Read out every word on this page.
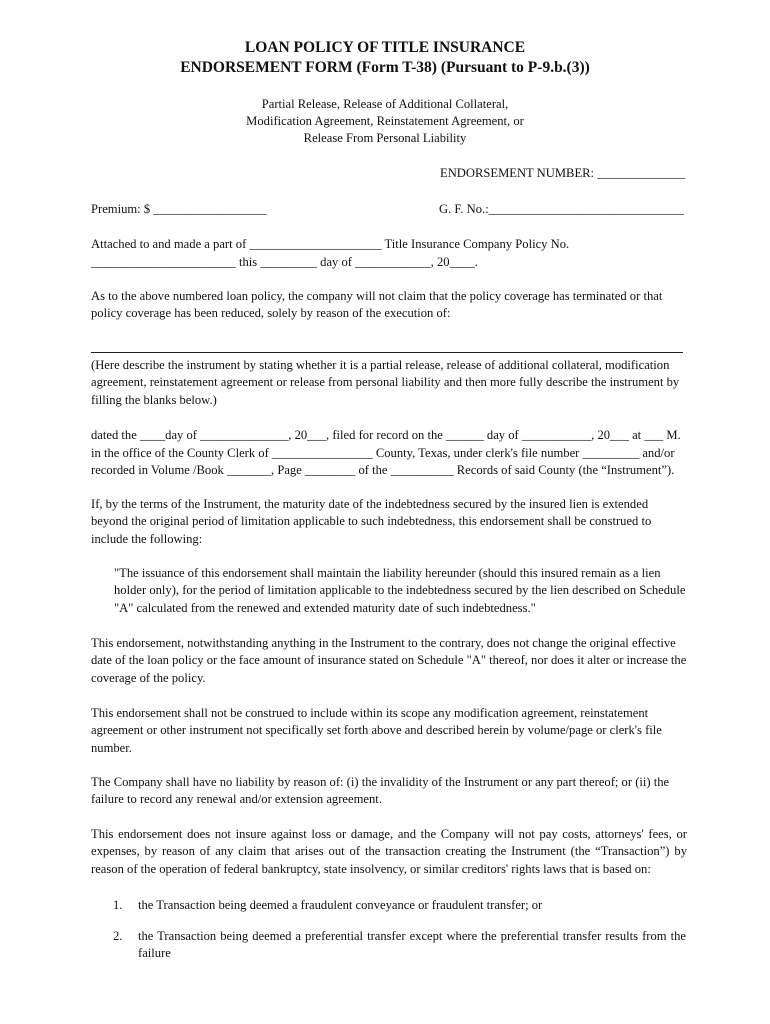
LOAN POLICY OF TITLE INSURANCE
ENDORSEMENT FORM (Form T-38) (Pursuant to P-9.b.(3))
Partial Release, Release of Additional Collateral,
Modification Agreement, Reinstatement Agreement, or
Release From Personal Liability
ENDORSEMENT NUMBER: ______________
Premium: $ __________________	G. F. No.:_______________________________
Attached to and made a part of _____________________ Title Insurance Company Policy No.
_______________________ this _________ day of ____________, 20____.
As to the above numbered loan policy, the company will not claim that the policy coverage has terminated or that policy coverage has been reduced, solely by reason of the execution of:
(Here describe the instrument by stating whether it is a partial release, release of additional collateral, modification agreement, reinstatement agreement or release from personal liability and then more fully describe the instrument by filling the blanks below.)
dated the ____day of ______________, 20___, filed for record on the ______ day of ___________, 20___ at ___ M.
in the office of the County Clerk of ________________ County, Texas, under clerk's file number _________ and/or
recorded in Volume /Book _______, Page ________ of the __________ Records of said County (the “Instrument”).
If, by the terms of the Instrument, the maturity date of the indebtedness secured by the insured lien is extended beyond the original period of limitation applicable to such indebtedness, this endorsement shall be construed to include the following:
"The issuance of this endorsement shall maintain the liability hereunder (should this insured remain as a lien holder only), for the period of limitation applicable to the indebtedness secured by the lien described on Schedule "A" calculated from the renewed and extended maturity date of such indebtedness."
This endorsement, notwithstanding anything in the Instrument to the contrary, does not change the original effective date of the loan policy or the face amount of insurance stated on Schedule "A" thereof, nor does it alter or increase the coverage of the policy.
This endorsement shall not be construed to include within its scope any modification agreement, reinstatement agreement or other instrument not specifically set forth above and described herein by volume/page or clerk's file number.
The Company shall have no liability by reason of: (i) the invalidity of the Instrument or any part thereof; or (ii) the failure to record any renewal and/or extension agreement.
This endorsement does not insure against loss or damage, and the Company will not pay costs, attorneys' fees, or expenses, by reason of any claim that arises out of the transaction creating the Instrument (the “Transaction”) by reason of the operation of federal bankruptcy, state insolvency, or similar creditors' rights laws that is based on:
1. the Transaction being deemed a fraudulent conveyance or fraudulent transfer; or
2. the Transaction being deemed a preferential transfer except where the preferential transfer results from the failure
